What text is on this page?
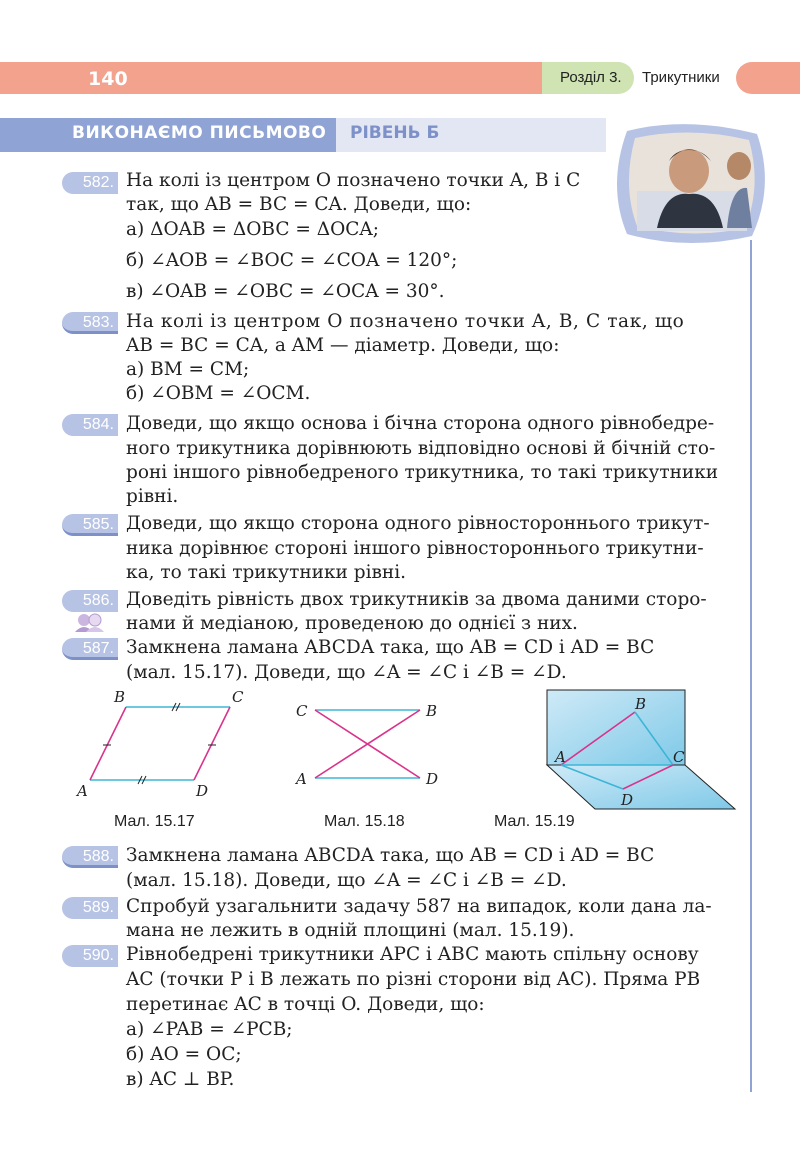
140	Розділ 3.	Трикутники
ВИКОНАЄМО ПИСЬМОВО РІВЕНЬ Б
582. На колі із центром O позначено точки A, B і C
так, що AB = BC = CA. Доведи, що:
а) ΔOAB = ΔOBC = ΔOCA;
б) ∠AOB = ∠BOC = ∠COA = 120°;
в) ∠OAB = ∠OBC = ∠OCA = 30°.
583. На колі із центром O позначено точки A, B, C так, що
AB = BC = CA, а AM — діаметр. Доведи, що:
а) BM = CM;
б) ∠OBM = ∠OCM.
584. Доведи, що якщо основа і бічна сторона одного рівнобедре-
ного трикутника дорівнюють відповідно основі й бічній сто-
роні іншого рівнобедреного трикутника, то такі трикутники
рівні.
585. Доведи, що якщо сторона одного рівностороннього трикут-
ника дорівнює стороні іншого рівностороннього трикутни-
ка, то такі трикутники рівні.
586. Доведіть рівність двох трикутників за двома даними сторо-
нами й медіаною, проведеною до однієї з них.
587. Замкнена ламана ABCDA така, що AB = CD і AD = BC
(мал. 15.17). Доведи, що ∠A = ∠C і ∠B = ∠D.
B	C
A	D
Мал. 15.17
C	B
A	D
Мал. 15.18
B
A	C
D
Мал. 15.19
588. Замкнена ламана ABCDA така, що AB = CD і AD = BC
(мал. 15.18). Доведи, що ∠A = ∠C і ∠B = ∠D.
589. Спробуй узагальнити задачу 587 на випадок, коли дана ла-
мана не лежить в одній площині (мал. 15.19).
590. Рівнобедрені трикутники APC і ABC мають спільну основу
AC (точки P і B лежать по різні сторони від AC). Пряма PB
перетинає AC в точці O. Доведи, що:
а) ∠PAB = ∠PCB;
б) AO = OC;
в) AC ⊥ BP.
